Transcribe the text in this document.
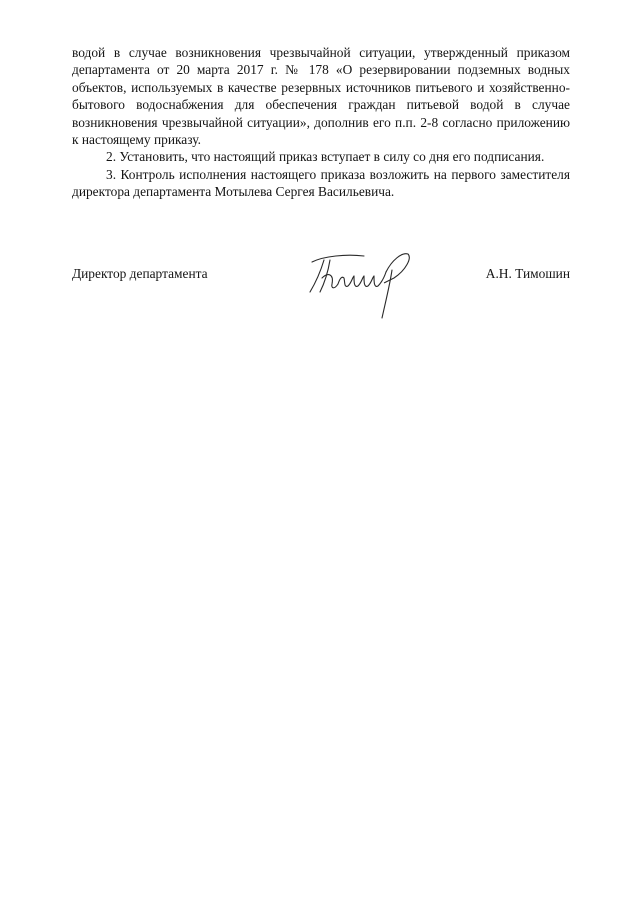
водой в случае возникновения чрезвычайной ситуации, утвержденный приказом департамента от 20 марта 2017 г. № 178 «О резервировании подземных водных объектов, используемых в качестве резервных источников питьевого и хозяйственно-бытового водоснабжения для обеспечения граждан питьевой водой в случае возникновения чрезвычайной ситуации», дополнив его п.п. 2-8 согласно приложению к настоящему приказу.

2. Установить, что настоящий приказ вступает в силу со дня его подписания.

3. Контроль исполнения настоящего приказа возложить на первого заместителя директора департамента Мотылева Сергея Васильевича.

Директор департамента	А.Н. Тимошин
